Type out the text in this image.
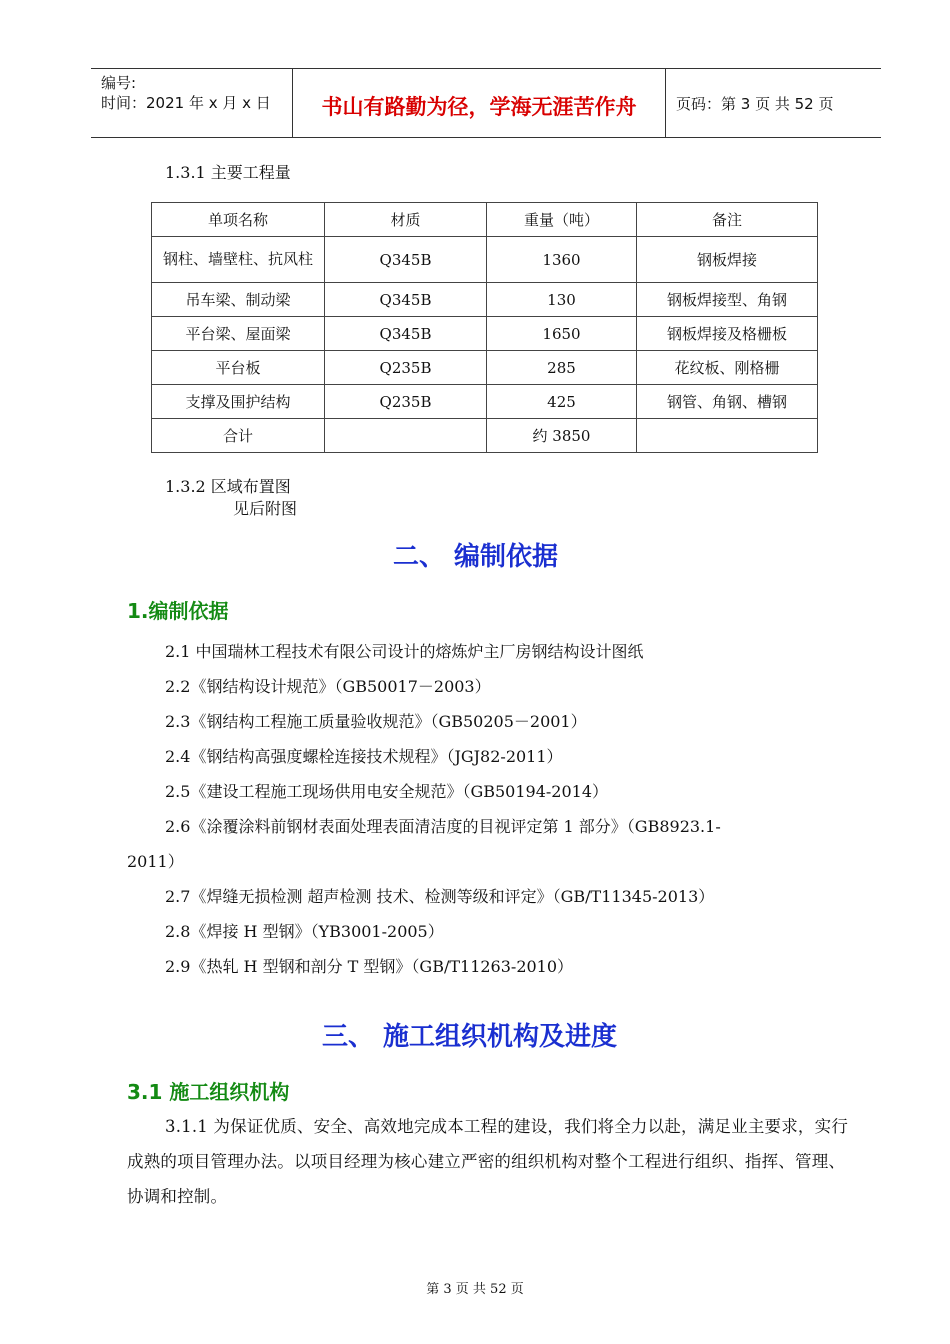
编号:
时间：2021 年 x 月 x 日	书山有路勤为径，学海无涯苦作舟	页码：第 3 页 共 52 页
1.3.1 主要工程量
单项名称	材质	重量（吨）	备注

钢柱、墙壁柱、抗风柱	Q345B	1360	钢板焊接
吊车梁、制动梁	Q345B	130	钢板焊接型、角钢
平台梁、屋面梁	Q345B	1650	钢板焊接及格栅板
平台板	Q235B	285	花纹板、刚格栅
支撑及围护结构	Q235B	425	钢管、角钢、槽钢
合计		约 3850	
1.3.2 区域布置图
见后附图
二、 编制依据
1.编制依据
2.1 中国瑞林工程技术有限公司设计的熔炼炉主厂房钢结构设计图纸
2.2《钢结构设计规范》（GB50017－2003）
2.3《钢结构工程施工质量验收规范》（GB50205－2001）
2.4《钢结构高强度螺栓连接技术规程》（JGJ82-2011）
2.5《建设工程施工现场供用电安全规范》（GB50194-2014）
2.6《涂覆涂料前钢材表面处理表面清洁度的目视评定第 1 部分》（GB8923.1-
2011）
2.7《焊缝无损检测 超声检测 技术、检测等级和评定》（GB/T11345-2013）
2.8《焊接 H 型钢》（YB3001-2005）
2.9《热轧 H 型钢和剖分 T 型钢》（GB/T11263-2010）
三、 施工组织机构及进度
3.1 施工组织机构
3.1.1 为保证优质、安全、高效地完成本工程的建设，我们将全力以赴，满足业主要求，实行成熟的项目管理办法。以项目经理为核心建立严密的组织机构对整个工程进行组织、指挥、管理、协调和控制。
第 3 页 共 52 页
